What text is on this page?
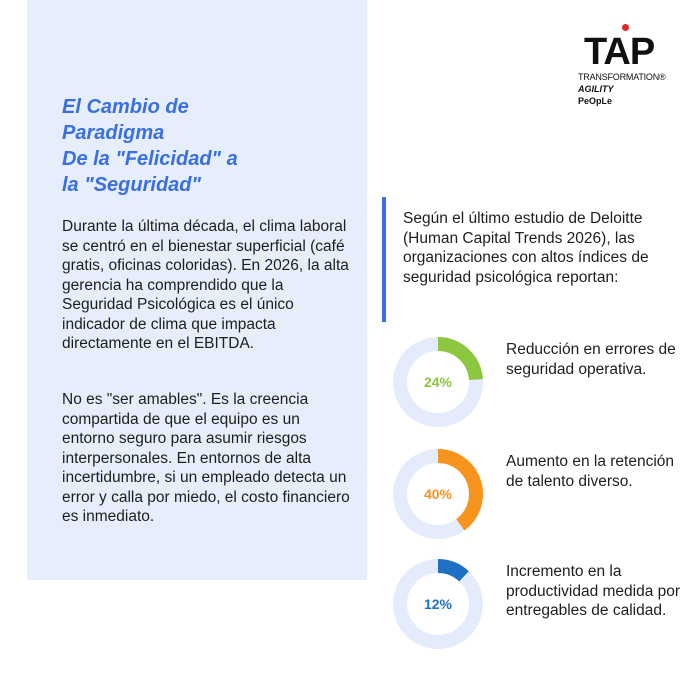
El Cambio de
Paradigma
De la "Felicidad" a
la "Seguridad"

Durante la última década, el clima laboral se centró en el bienestar superficial (café gratis, oficinas coloridas). En 2026, la alta gerencia ha comprendido que la Seguridad Psicológica es el único indicador de clima que impacta directamente en el EBITDA.

No es "ser amables". Es la creencia compartida de que el equipo es un entorno seguro para asumir riesgos interpersonales. En entornos de alta incertidumbre, si un empleado detecta un error y calla por miedo, el costo financiero es inmediato.

TAP
TRANSFORMATION®
AGILITY
PeOpLe

Según el último estudio de Deloitte (Human Capital Trends 2026), las organizaciones con altos índices de seguridad psicológica reportan:

24%

Reducción en errores de seguridad operativa.

40%

Aumento en la retención de talento diverso.

12%

Incremento en la productividad medida por entregables de calidad.
